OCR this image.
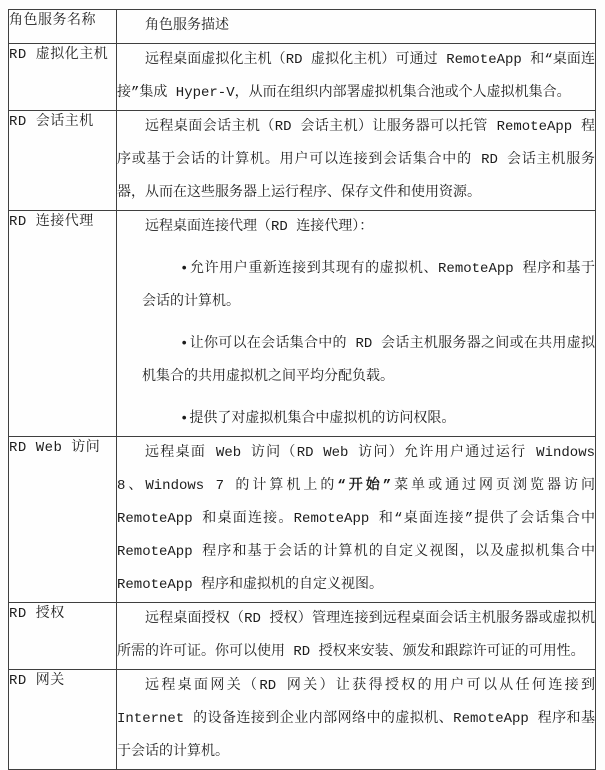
角色服务名称	角色服务描述

RD 虚拟化主机	远程桌面虚拟化主机（RD 虚拟化主机）可通过 RemoteApp 和“桌面连接”集成 Hyper-V，从而在组织内部署虚拟机集合池或个人虚拟机集合。

RD 会话主机	远程桌面会话主机（RD 会话主机）让服务器可以托管 RemoteApp 程序或基于会话的计算机。用户可以连接到会话集合中的 RD 会话主机服务器，从而在这些服务器上运行程序、保存文件和使用资源。

RD 连接代理	远程桌面连接代理（RD 连接代理）：

•允许用户重新连接到其现有的虚拟机、RemoteApp 程序和基于会话的计算机。

•让你可以在会话集合中的 RD 会话主机服务器之间或在共用虚拟机集合的共用虚拟机之间平均分配负载。

•提供了对虚拟机集合中虚拟机的访问权限。

RD Web 访问	远程桌面 Web 访问（RD Web 访问）允许用户通过运行 Windows 8、Windows 7 的计算机上的“开始”菜单或通过网页浏览器访问 RemoteApp 和桌面连接。RemoteApp 和“桌面连接”提供了会话集合中 RemoteApp 程序和基于会话的计算机的自定义视图，以及虚拟机集合中 RemoteApp 程序和虚拟机的自定义视图。

RD 授权	远程桌面授权（RD 授权）管理连接到远程桌面会话主机服务器或虚拟机所需的许可证。你可以使用 RD 授权来安装、颁发和跟踪许可证的可用性。

RD 网关	远程桌面网关（RD 网关）让获得授权的用户可以从任何连接到 Internet 的设备连接到企业内部网络中的虚拟机、RemoteApp 程序和基于会话的计算机。
